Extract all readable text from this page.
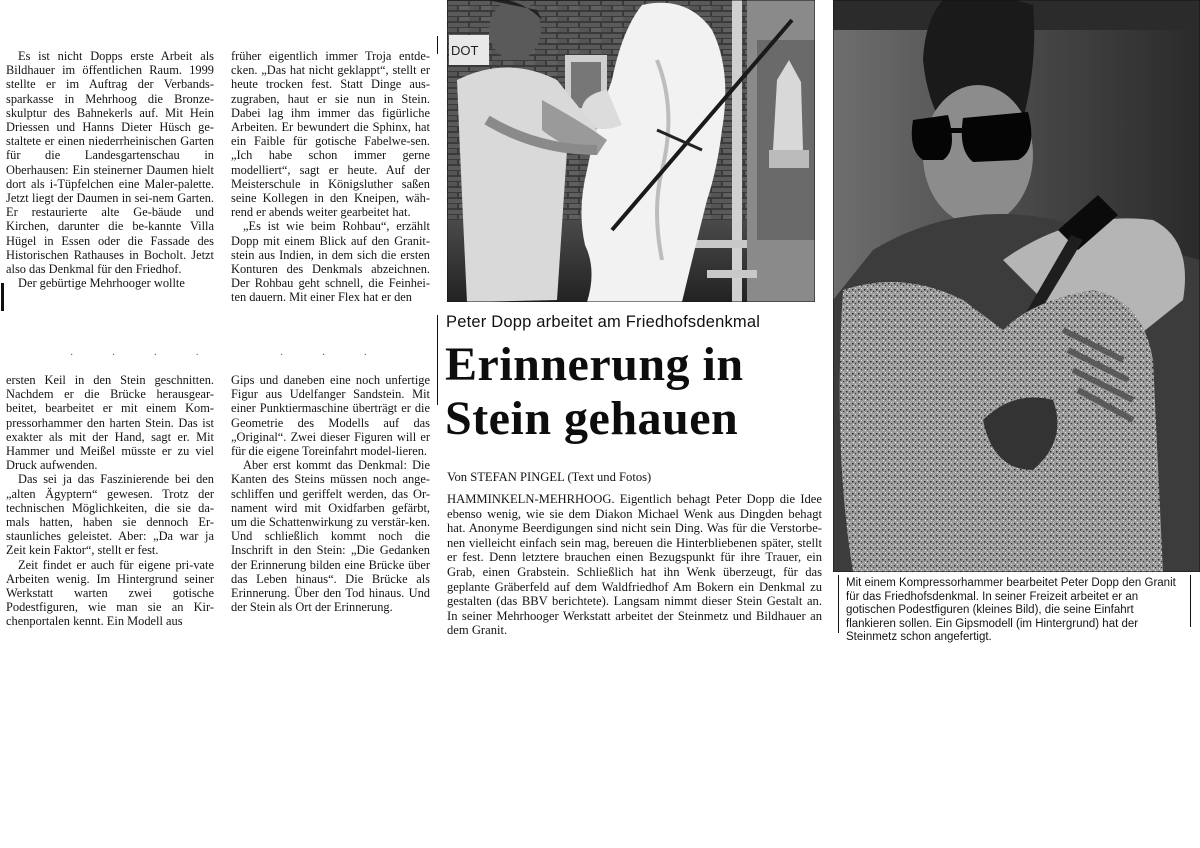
Es ist nicht Dopps erste Arbeit als Bildhauer im öffentlichen Raum. 1999 stellte er im Auftrag der Verbands-sparkasse in Mehrhoog die Bronze-skulptur des Bahnekerls auf. Mit Hein Driessen und Hanns Dieter Hüsch ge-staltete er einen niederrheinischen Garten für die Landesgartenschau in Oberhausen: Ein steinerner Daumen hielt dort als i-Tüpfelchen eine Maler-palette. Jetzt liegt der Daumen in sei-nem Garten. Er restaurierte alte Ge-bäude und Kirchen, darunter die be-kannte Villa Hügel in Essen oder die Fassade des Historischen Rathauses in Bocholt. Jetzt also das Denkmal für den Friedhof.

Der gebürtige Mehrhooger wollte

früher eigentlich immer Troja entde-cken. „Das hat nicht geklappt“, stellt er heute trocken fest. Statt Dinge aus-zugraben, haut er sie nun in Stein. Dabei lag ihm immer das figürliche Arbeiten. Er bewundert die Sphinx, hat ein Faible für gotische Fabelwe-sen. „Ich habe schon immer gerne modelliert“, sagt er heute. Auf der Meisterschule in Königsluther saßen seine Kollegen in den Kneipen, wäh-rend er abends weiter gearbeitet hat.

„Es ist wie beim Rohbau“, erzählt Dopp mit einem Blick auf den Granit-stein aus Indien, in dem sich die ersten Konturen des Denkmals abzeichnen. Der Rohbau geht schnell, die Feinhei-ten dauern. Mit einer Flex hat er den

ersten Keil in den Stein geschnitten. Nachdem er die Brücke herausgear-beitet, bearbeitet er mit einem Kom-pressorhammer den harten Stein. Das ist exakter als mit der Hand, sagt er. Mit Hammer und Meißel müsste er zu viel Druck aufwenden.

Das sei ja das Faszinierende bei den „alten Ägyptern“ gewesen. Trotz der technischen Möglichkeiten, die sie da-mals hatten, haben sie dennoch Er-staunliches geleistet. Aber: „Da war ja Zeit kein Faktor“, stellt er fest.

Zeit findet er auch für eigene pri-vate Arbeiten wenig. Im Hintergrund seiner Werkstatt warten zwei gotische Podestfiguren, wie man sie an Kir-chenportalen kennt. Ein Modell aus

Gips und daneben eine noch unfertige Figur aus Udelfanger Sandstein. Mit einer Punktiermaschine überträgt er die Geometrie des Modells auf das „Original“. Zwei dieser Figuren will er für die eigene Toreinfahrt model-lieren.

Aber erst kommt das Denkmal: Die Kanten des Steins müssen noch ange-schliffen und geriffelt werden, das Or-nament wird mit Oxidfarben gefärbt, um die Schattenwirkung zu verstär-ken. Und schließlich kommt noch die Inschrift in den Stein: „Die Gedanken der Erinnerung bilden eine Brücke über das Leben hinaus“. Die Brücke als Erinnerung. Über den Tod hinaus. Und der Stein als Ort der Erinnerung.

· · · ·	· · ·
DOT
Peter Dopp arbeitet am Friedhofsdenkmal
Erinnerung in
Stein gehauen
Von STEFAN PINGEL (Text und Fotos)
HAMMINKELN-MEHRHOOG. Eigentlich behagt Peter Dopp die Idee ebenso wenig, wie sie dem Diakon Michael Wenk aus Dingden behagt hat. Anonyme Beerdigungen sind nicht sein Ding. Was für die Verstorbe-nen vielleicht einfach sein mag, bereuen die Hinterbliebenen später, stellt er fest. Denn letztere brauchen einen Bezugspunkt für ihre Trauer, ein Grab, einen Grabstein. Schließlich hat ihn Wenk überzeugt, für das geplante Gräberfeld auf dem Waldfriedhof Am Bokern ein Denkmal zu gestalten (das BBV berichtete). Langsam nimmt dieser Stein Gestalt an. In seiner Mehrhooger Werkstatt arbeitet der Steinmetz und Bildhauer an dem Granit.
Mit einem Kompressorhammer bearbeitet Peter Dopp den Granit für das Friedhofsdenkmal. In seiner Freizeit arbeitet er an gotischen Podestfiguren (kleines Bild), die seine Einfahrt flankieren sollen. Ein Gipsmodell (im Hintergrund) hat der Steinmetz schon angefertigt.
